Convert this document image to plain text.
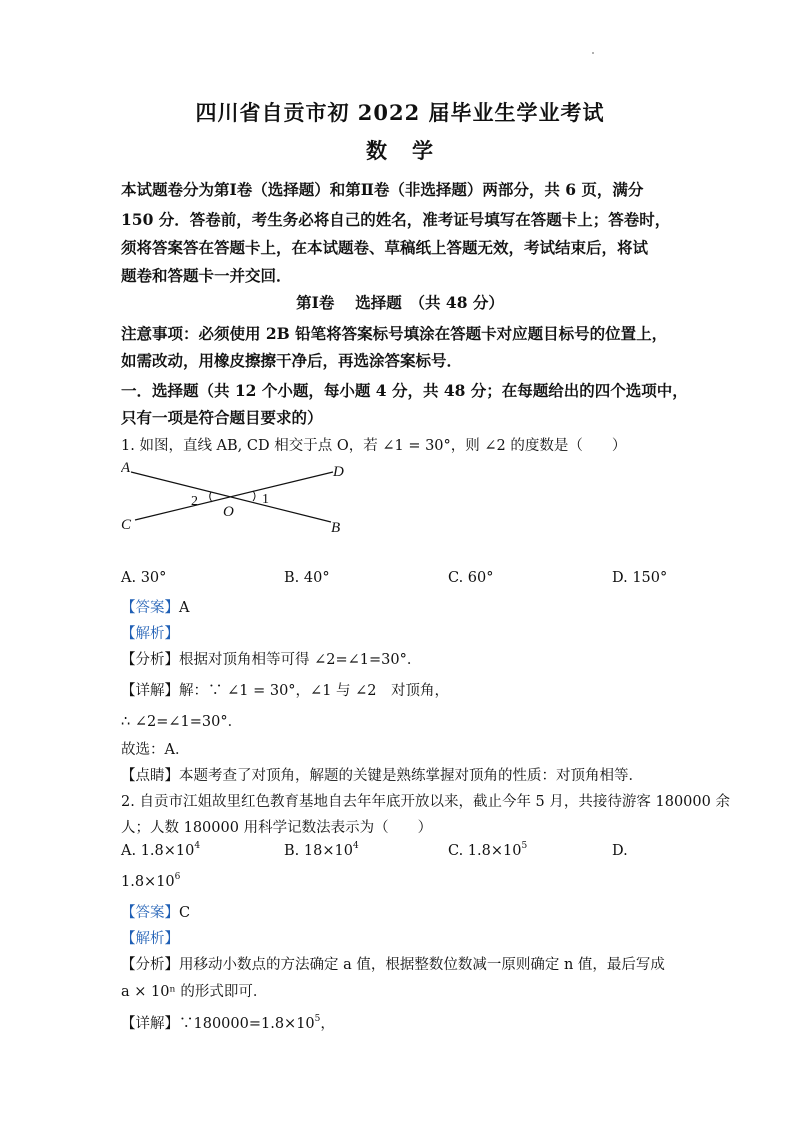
四川省自贡市初 2022 届毕业生学业考试
数 学
本试题卷分为第Ⅰ卷（选择题）和第Ⅱ卷（非选择题）两部分，共 6 页，满分
150 分．答卷前，考生务必将自己的姓名，准考证号填写在答题卡上；答卷时，
须将答案答在答题卡上，在本试题卷、草稿纸上答题无效，考试结束后，将试
题卷和答题卡一并交回．
第Ⅰ卷　 选择题　（共 48 分）
注意事项：必须使用 2B 铅笔将答案标号填涂在答题卡对应题目标号的位置上，
如需改动，用橡皮擦擦干净后，再选涂答案标号．
一．选择题（共 12 个小题，每小题 4 分，共 48 分；在每题给出的四个选项中，
只有一项是符合题目要求的）
1. 如图，直线 AB, CD 相交于点 O，若 ∠1 = 30°，则 ∠2 的度数是（　　）
A	D
C	B
O
2	1
A. 30°	B. 40°	C. 60°	D. 150°
【答案】A
【解析】
【分析】根据对顶角相等可得 ∠2=∠1=30°．
【详解】解：∵ ∠1 = 30°，∠1 与 ∠2　对顶角，
∴ ∠2=∠1=30°．
故选：A．
【点睛】本题考查了对顶角，解题的关键是熟练掌握对顶角的性质：对顶角相等．
2. 自贡市江姐故里红色教育基地自去年年底开放以来，截止今年 5 月，共接待游客 180000 余
人；人数 180000 用科学记数法表示为（　　）
A. $1.8\times 10^4$	B. $18\times 10^4$	C. $1.8\times 10^5$	D.
$1.8\times 10^6$
【答案】C
【解析】
【分析】用移动小数点的方法确定 a 值，根据整数位数减一原则确定 n 值，最后写成
a × 10ⁿ 的形式即可．
【详解】$\because 180000=1.8\times 10^5$，
